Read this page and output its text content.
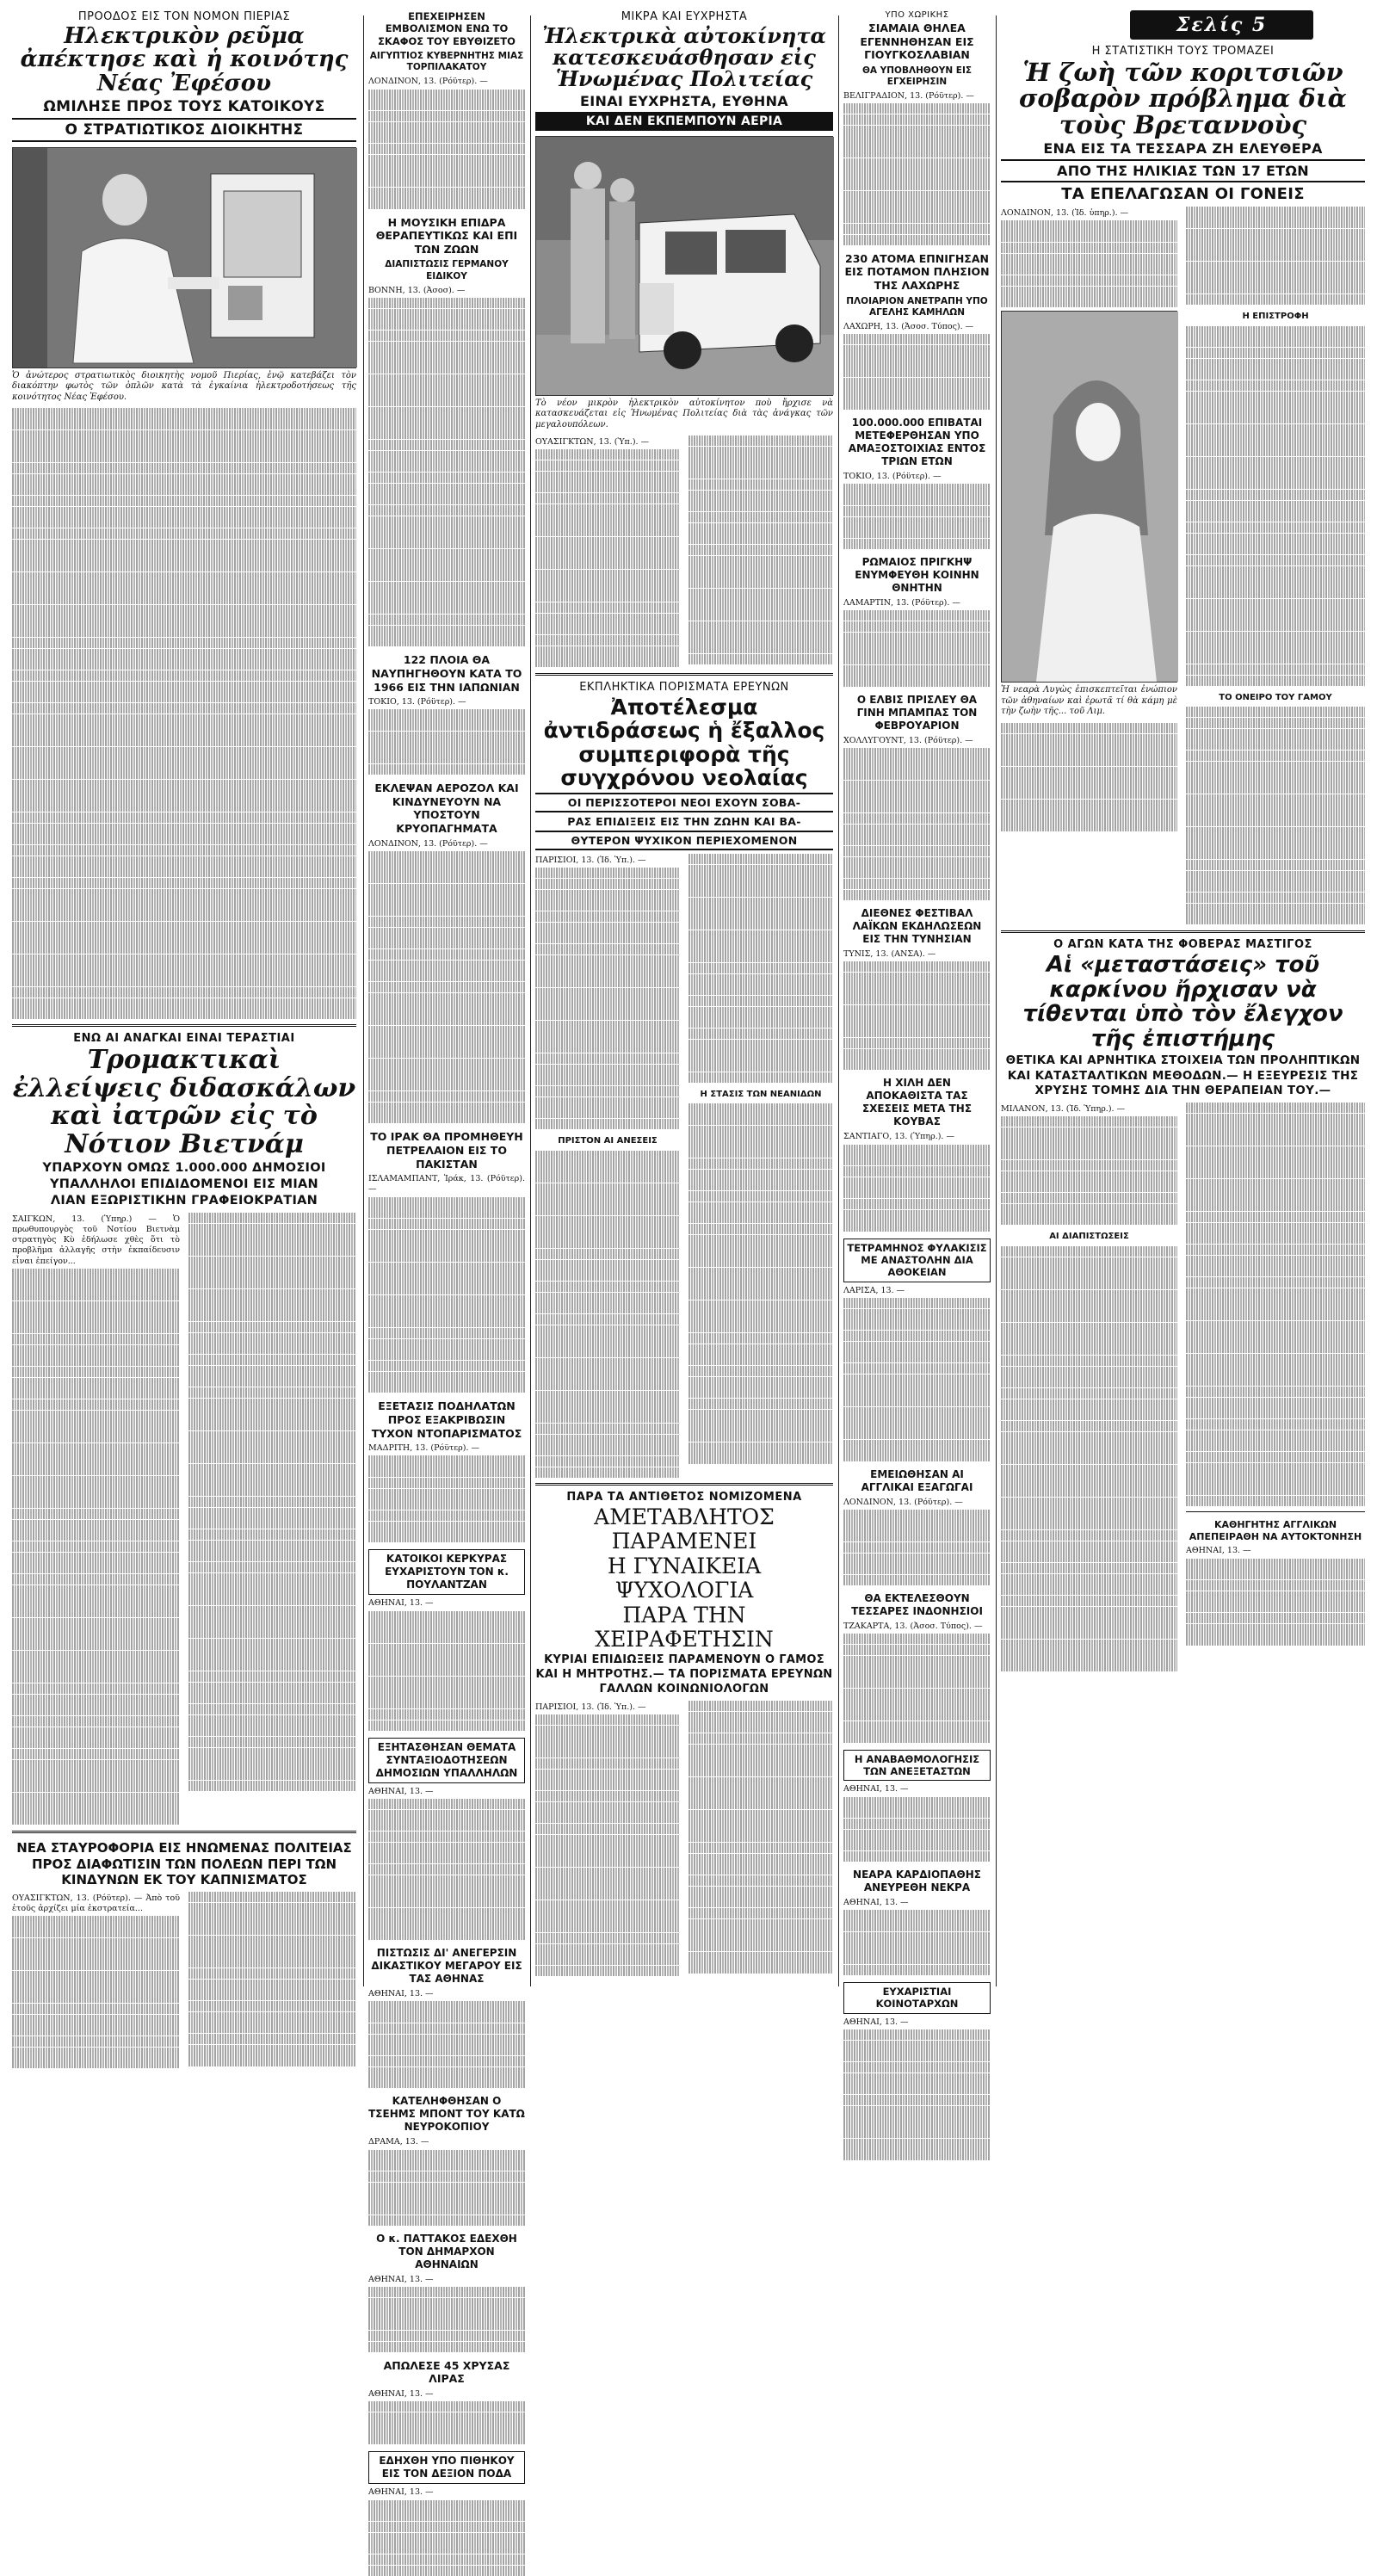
ΠΡΟΟΔΟΣ ΕΙΣ ΤΟΝ ΝΟΜΟΝ ΠΙΕΡΙΑΣ
Ηλεκτρικὸν ρεῦμα ἀπέκτησε καὶ ἡ κοινότης Νέας Ἐφέσου
ΩΜΙΛΗΣΕ ΠΡΟΣ ΤΟΥΣ ΚΑΤΟΙΚΟΥΣ
Ο ΣΤΡΑΤΙΩΤΙΚΟΣ ΔΙΟΙΚΗΤΗΣ
Ὁ ἀνώτερος στρατιωτικὸς διοικητὴς νομοῦ Πιερίας, ἐνῷ κατεβάζει τὸν διακόπτην φωτὸς τῶν ὁπλῶν κατὰ τὰ ἐγκαίνια ἠλεκτροδοτήσεως τῆς κοινότητος Νέας Ἐφέσου.
ΕΝΩ ΑΙ ΑΝΑΓΚΑΙ ΕΙΝΑΙ ΤΕΡΑΣΤΙΑΙ
Τρομακτικαὶ ἐλλείψεις διδασκάλων καὶ ἰατρῶν εἰς τὸ Νότιον Βιετνάμ
ΥΠΑΡΧΟΥΝ ΟΜΩΣ 1.000.000 ΔΗΜΟΣΙΟΙ
ΥΠΑΛΛΗΛΟΙ ΕΠΙΔΙΔΟΜΕΝΟΙ ΕΙΣ ΜΙΑΝ
ΛΙΑΝ ΕΞΩΡΙΣΤΙΚΗΝ ΓΡΑΦΕΙΟΚΡΑΤΙΑΝ
ΣΑΙΓΚΩΝ, 13. (Ὑπηρ.) — Ὁ πρωθυπουργὸς τοῦ Νοτίου Βιετνὰμ στρατηγὸς Κὺ ἐδήλωσε χθὲς ὅτι τὸ προβλῆμα ἀλλαγῆς στὴν ἐκπαίδευσιν εἶναι ἐπείγον...
ΝΕΑ ΣΤΑΥΡΟΦΟΡΙΑ ΕΙΣ ΗΝΩΜΕΝΑΣ ΠΟΛΙΤΕΙΑΣ ΠΡΟΣ ΔΙΑΦΩΤΙΣΙΝ ΤΩΝ ΠΟΛΕΩΝ ΠΕΡΙ ΤΩΝ ΚΙΝΔΥΝΩΝ ΕΚ ΤΟΥ ΚΑΠΝΙΣΜΑΤΟΣ
ΟΥΑΣΙΓΚΤΩΝ, 13. (Ρόϋτερ). — Ἀπὸ τοῦ ἐτοῦς ἀρχίζει μία ἐκστρατεία...
ΕΠΕΧΕΙΡΗΣΕΝ ΕΜΒΟΛΙΣΜΟΝ ΕΝΩ ΤΟ ΣΚΑΦΟΣ ΤΟΥ ΕΒΥΘΙΖΕΤΟ
ΑΙΓΥΠΤΙΟΣ ΚΥΒΕΡΝΗΤΗΣ ΜΙΑΣ ΤΟΡΠΙΛΑΚΑΤΟΥ
ΛΟΝΔΙΝΟΝ, 13. (Ρόϋτερ). —
Η ΜΟΥΣΙΚΗ ΕΠΙΔΡΑ ΘΕΡΑΠΕΥΤΙΚΩΣ ΚΑΙ ΕΠΙ ΤΩΝ ΖΩΩΝ
ΔΙΑΠΙΣΤΩΣΙΣ ΓΕΡΜΑΝΟΥ ΕΙΔΙΚΟΥ
ΒΟΝΝΗ, 13. (Ἀσοσ). —
122 ΠΛΟΙΑ ΘΑ ΝΑΥΠΗΓΗΘΟΥΝ ΚΑΤΑ ΤΟ 1966 ΕΙΣ ΤΗΝ ΙΑΠΩΝΙΑΝ
ΤΟΚΙΟ, 13. (Ρόϋτερ). —
ΕΚΛΕΨΑΝ ΑΕΡΟΖΟΛ ΚΑΙ ΚΙΝΔΥΝΕΥΟΥΝ ΝΑ ΥΠΟΣΤΟΥΝ ΚΡΥΟΠΑΓΗΜΑΤΑ
ΛΟΝΔΙΝΟΝ, 13. (Ρόϋτερ). —
ΤΟ ΙΡΑΚ ΘΑ ΠΡΟΜΗΘΕΥΗ ΠΕΤΡΕΛΑΙΟΝ ΕΙΣ ΤΟ ΠΑΚΙΣΤΑΝ
ΙΣΛΑΜΑΜΠΑΝΤ, Ἰράκ, 13. (Ρόϋτερ). —
ΕΞΕΤΑΣΙΣ ΠΟΔΗΛΑΤΩΝ ΠΡΟΣ ΕΞΑΚΡΙΒΩΣΙΝ ΤΥΧΟΝ ΝΤΟΠΑΡΙΣΜΑΤΟΣ
ΜΑΔΡΙΤΗ, 13. (Ρόϋτερ). —
ΚΑΤΟΙΚΟΙ ΚΕΡΚΥΡΑΣ ΕΥΧΑΡΙΣΤΟΥΝ ΤΟΝ κ. ΠΟΥΛΑΝΤΖΑΝ
ΑΘΗΝΑΙ, 13. —
ΕΞΗΤΑΣΘΗΣΑΝ ΘΕΜΑΤΑ ΣΥΝΤΑΞΙΟΔΟΤΗΣΕΩΝ ΔΗΜΟΣΙΩΝ ΥΠΑΛΛΗΛΩΝ
ΑΘΗΝΑΙ, 13. —
ΠΙΣΤΩΣΙΣ ΔΙ' ΑΝΕΓΕΡΣΙΝ ΔΙΚΑΣΤΙΚΟΥ ΜΕΓΑΡΟΥ ΕΙΣ ΤΑΣ ΑΘΗΝΑΣ
ΑΘΗΝΑΙ, 13. —
ΚΑΤΕΛΗΦΘΗΣΑΝ Ο ΤΣΕΗΜΣ ΜΠΟΝΤ ΤΟΥ ΚΑΤΩ ΝΕΥΡΟΚΟΠΙΟΥ
ΔΡΑΜΑ, 13. —
Ο κ. ΠΑΤΤΑΚΟΣ ΕΔΕΧΘΗ ΤΟΝ ΔΗΜΑΡΧΟΝ ΑΘΗΝΑΙΩΝ
ΑΘΗΝΑΙ, 13. —
ΑΠΩΛΕΣΕ 45 ΧΡΥΣΑΣ ΛΙΡΑΣ
ΑΘΗΝΑΙ, 13. —
ΕΔΗΧΘΗ ΥΠΟ ΠΙΘΗΚΟΥ ΕΙΣ ΤΟΝ ΔΕΞΙΟΝ ΠΟΔΑ
ΑΘΗΝΑΙ, 13. —
ΜΙΚΡΑ ΚΑΙ ΕΥΧΡΗΣΤΑ
Ἠλεκτρικὰ αὐτοκίνητα κατεσκευάσθησαν εἰς Ἡνωμένας Πολιτείας
ΕΙΝΑΙ ΕΥΧΡΗΣΤΑ, ΕΥΘΗΝΑ
ΚΑΙ ΔΕΝ ΕΚΠΕΜΠΟΥΝ ΑΕΡΙΑ
Τὸ νέον μικρὸν ἠλεκτρικὸν αὐτοκίνητον ποὺ ἤρχισε νὰ κατασκευάζεται εἰς Ἡνωμένας Πολιτείας διὰ τὰς ἀνάγκας τῶν μεγαλουπόλεων.
ΟΥΑΣΙΓΚΤΩΝ, 13. (Ὑπ.). —
ΕΚΠΛΗΚΤΙΚΑ ΠΟΡΙΣΜΑΤΑ ΕΡΕΥΝΩΝ
Ἀποτέλεσμα ἀντιδράσεως ἡ ἔξαλλος συμπεριφορὰ τῆς συγχρόνου νεολαίας
ΟΙ ΠΕΡΙΣΣΟΤΕΡΟΙ ΝΕΟΙ ΕΧΟΥΝ ΣΟΒΑ-
ΡΑΣ ΕΠΙΔΙΞΕΙΣ ΕΙΣ ΤΗΝ ΖΩΗΝ ΚΑΙ ΒΑ-
ΘΥΤΕΡΟΝ ΨΥΧΙΚΟΝ ΠΕΡΙΕΧΟΜΕΝΟΝ
ΠΑΡΙΣΙΟΙ, 13. (Ἰδ. Ὑπ.). —
ΠΡΙΣΤΟΝ ΑΙ ΑΝΕΣΕΙΣ
Η ΣΤΑΣΙΣ ΤΩΝ ΝΕΑΝΙΔΩΝ
ΠΑΡΑ ΤΑ ΑΝΤΙΘΕΤΟΣ ΝΟΜΙΖΟΜΕΝΑ
ΑΜΕΤΑΒΛΗΤΟΣ ΠΑΡΑΜΕΝΕΙ
Η ΓΥΝΑΙΚΕΙΑ ΨΥΧΟΛΟΓΙΑ
ΠΑΡΑ ΤΗΝ ΧΕΙΡΑΦΕΤΗΣΙΝ
ΚΥΡΙΑΙ ΕΠΙΔΙΩΞΕΙΣ ΠΑΡΑΜΕΝΟΥΝ Ο ΓΑΜΟΣ ΚΑΙ Η ΜΗΤΡΟΤΗΣ.— ΤΑ ΠΟΡΙΣΜΑΤΑ ΕΡΕΥΝΩΝ ΓΑΛΛΩΝ ΚΟΙΝΩΝΙΟΛΟΓΩΝ
ΠΑΡΙΣΙΟΙ, 13. (Ἰδ. Ὑπ.). —
ΥΠΟ ΧΩΡΙΚΗΣ
ΣΙΑΜΑΙΑ ΘΗΛΕΑ ΕΓΕΝΝΗΘΗΣΑΝ ΕΙΣ ΓΙΟΥΓΚΟΣΛΑΒΙΑΝ
ΘΑ ΥΠΟΒΛΗΘΟΥΝ ΕΙΣ ΕΓΧΕΙΡΗΣΙΝ
ΒΕΛΙΓΡΑΔΙΟΝ, 13. (Ρόϋτερ). —
230 ΑΤΟΜΑ ΕΠΝΙΓΗΣΑΝ ΕΙΣ ΠΟΤΑΜΟΝ ΠΛΗΣΙΟΝ ΤΗΣ ΛΑΧΩΡΗΣ
ΠΛΟΙΑΡΙΟΝ ΑΝΕΤΡΑΠΗ ΥΠΟ ΑΓΕΛΗΣ ΚΑΜΗΛΩΝ
ΛΑΧΩΡΗ, 13. (Ἀσοσ. Τύπος). —
100.000.000 ΕΠΙΒΑΤΑΙ ΜΕΤΕΦΕΡΘΗΣΑΝ ΥΠΟ ΑΜΑΞΟΣΤΟΙΧΙΑΣ ΕΝΤΟΣ ΤΡΙΩΝ ΕΤΩΝ
ΤΟΚΙΟ, 13. (Ρόϋτερ). —
ΡΩΜΑΙΟΣ ΠΡΙΓΚΗΨ ΕΝΥΜΦΕΥΘΗ ΚΟΙΝΗΝ ΘΝΗΤΗΝ
ΛΑΜΑΡΤΙΝ, 13. (Ρόϋτερ). —
Ο ΕΛΒΙΣ ΠΡΙΣΛΕΥ ΘΑ ΓΙΝΗ ΜΠΑΜΠΑΣ ΤΟΝ ΦΕΒΡΟΥΑΡΙΟΝ
ΧΟΛΛΥΓΟΥΝΤ, 13. (Ρόϋτερ). —
ΔΙΕΘΝΕΣ ΦΕΣΤΙΒΑΛ ΛΑΪΚΩΝ ΕΚΔΗΛΩΣΕΩΝ ΕΙΣ ΤΗΝ ΤΥΝΗΣΙΑΝ
ΤΥΝΙΣ, 13. (ΑΝΣΑ). —
Η ΧΙΛΗ ΔΕΝ ΑΠΟΚΑΘΙΣΤΑ ΤΑΣ ΣΧΕΣΕΙΣ ΜΕΤΑ ΤΗΣ ΚΟΥΒΑΣ
ΣΑΝΤΙΑΓΟ, 13. (Ὑπηρ.). —
ΤΕΤΡΑΜΗΝΟΣ ΦΥΛΑΚΙΣΙΣ ΜΕ ΑΝΑΣΤΟΛΗΝ ΔΙΑ ΑΘΟΚΕΙΑΝ
ΛΑΡΙΣΑ, 13. —
ΕΜΕΙΩΘΗΣΑΝ ΑΙ ΑΓΓΛΙΚΑΙ ΕΞΑΓΩΓΑΙ
ΛΟΝΔΙΝΟΝ, 13. (Ρόϋτερ). —
ΘΑ ΕΚΤΕΛΕΣΘΟΥΝ ΤΕΣΣΑΡΕΣ ΙΝΔΟΝΗΣΙΟΙ
ΤΖΑΚΑΡΤΑ, 13. (Ἀσοσ. Τύπος). —
Η ΑΝΑΒΑΘΜΟΛΟΓΗΣΙΣ ΤΩΝ ΑΝΕΞΕΤΑΣΤΩΝ
ΑΘΗΝΑΙ, 13. —
ΝΕΑΡΑ ΚΑΡΔΙΟΠΑΘΗΣ ΑΝΕΥΡΕΘΗ ΝΕΚΡΑ
ΑΘΗΝΑΙ, 13. —
ΕΥΧΑΡΙΣΤΙΑΙ ΚΟΙΝΟΤΑΡΧΩΝ
ΑΘΗΝΑΙ, 13. —
Σελίς 5
Η ΣΤΑΤΙΣΤΙΚΗ ΤΟΥΣ ΤΡΟΜΑΖΕΙ
Ἡ ζωὴ τῶν κοριτσιῶν σοβαρὸν πρόβλημα διὰ τοὺς Βρεταννοὺς
ΕΝΑ ΕΙΣ ΤΑ ΤΕΣΣΑΡΑ ΖΗ ΕΛΕΥΘΕΡΑ
ΑΠΟ ΤΗΣ ΗΛΙΚΙΑΣ ΤΩΝ 17 ΕΤΩΝ
ΤΑ ΕΠΕΛΑΓΩΣΑΝ ΟΙ ΓΟΝΕΙΣ
ΛΟΝΔΙΝΟΝ, 13. (Ἰδ. ὑπηρ.). —
Ἡ νεαρὰ Λυγὼς ἐπισκεπτεῖται ἐνώπιον τῶν ἀθηναίων καὶ ἐρωτᾶ τί θὰ κάμη μὲ τὴν ζωὴν τῆς... τοῦ Λιμ.
Η ΕΠΙΣΤΡΟΦΗ
ΤΟ ΟΝΕΙΡΟ ΤΟΥ ΓΑΜΟΥ
Ο ΑΓΩΝ ΚΑΤΑ ΤΗΣ ΦΟΒΕΡΑΣ ΜΑΣΤΙΓΟΣ
Αἱ «μεταστάσεις» τοῦ καρκίνου ἤρχισαν νὰ τίθενται ὑπὸ τὸν ἔλεγχον τῆς ἐπιστήμης
ΘΕΤΙΚΑ ΚΑΙ ΑΡΝΗΤΙΚΑ ΣΤΟΙΧΕΙΑ ΤΩΝ ΠΡΟΛΗΠΤΙΚΩΝ ΚΑΙ ΚΑΤΑΣΤΑΛΤΙΚΩΝ ΜΕΘΟΔΩΝ.— Η ΕΞΕΥΡΕΣΙΣ ΤΗΣ ΧΡΥΣΗΣ ΤΟΜΗΣ ΔΙΑ ΤΗΝ ΘΕΡΑΠΕΙΑΝ ΤΟΥ.—
ΜΙΛΑΝΟΝ, 13. (Ἰδ. Ὑπηρ.). —
ΑΙ ΔΙΑΠΙΣΤΩΣΕΙΣ
ΚΑΘΗΓΗΤΗΣ ΑΓΓΛΙΚΩΝ ΑΠΕΠΕΙΡΑΘΗ ΝΑ ΑΥΤΟΚΤΟΝΗΣΗ
ΑΘΗΝΑΙ, 13. —
